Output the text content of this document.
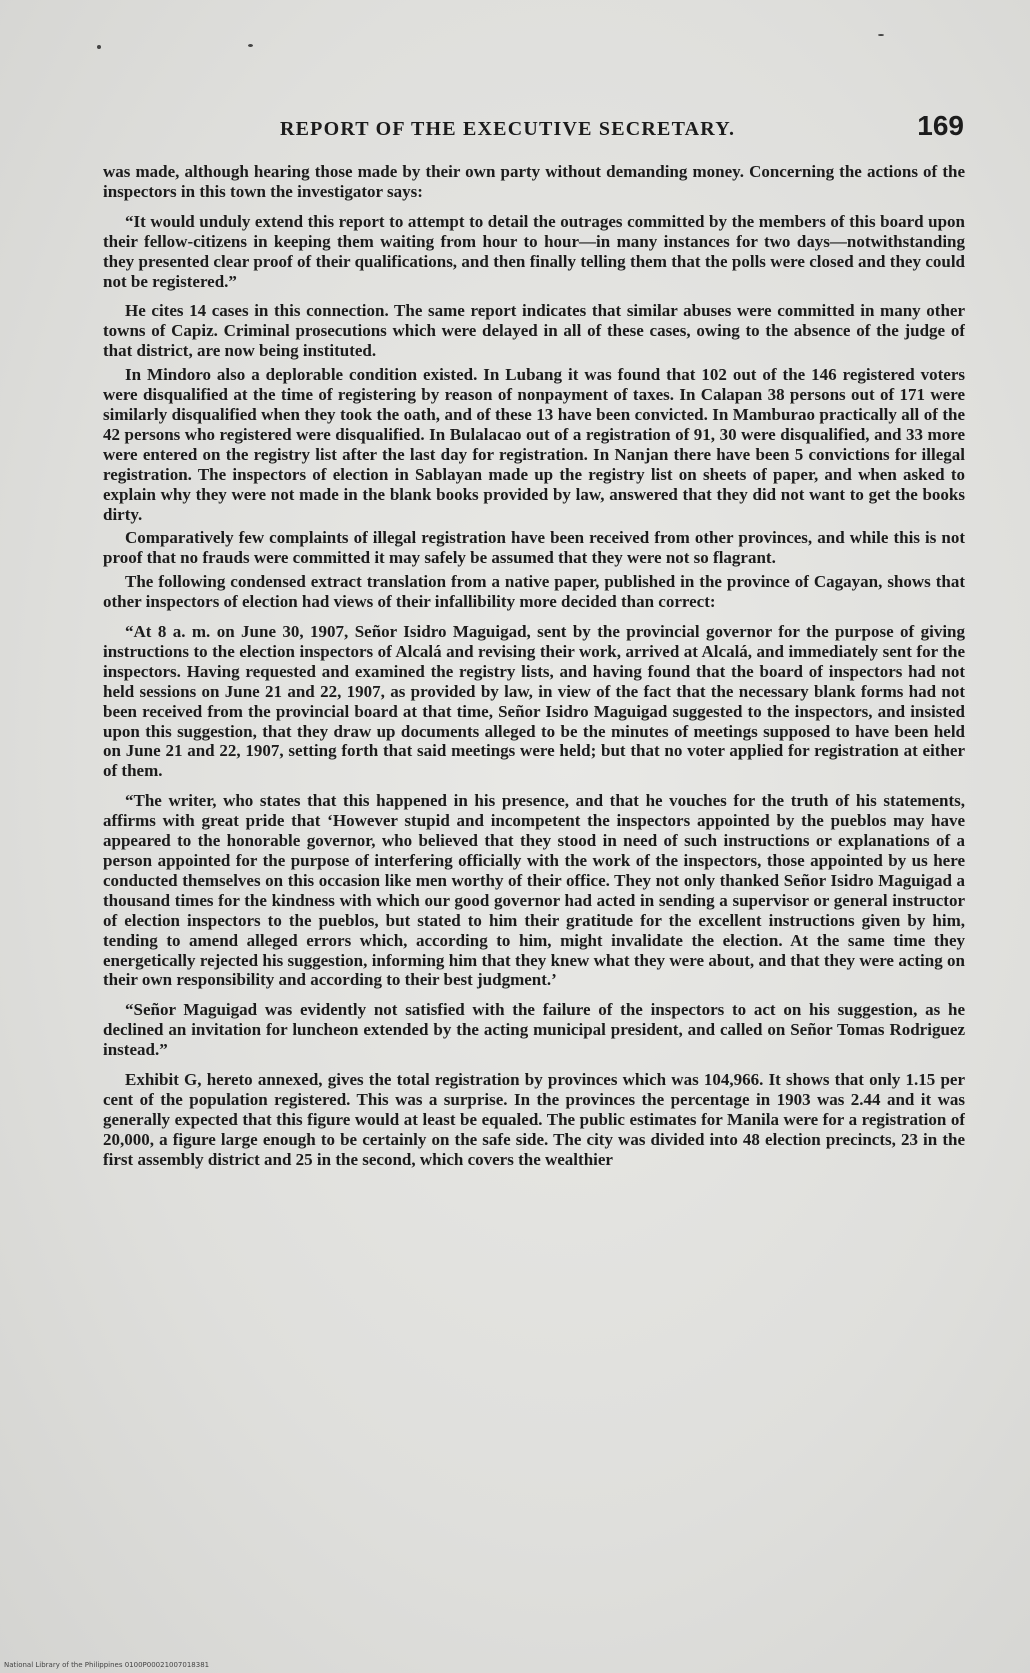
REPORT OF THE EXECUTIVE SECRETARY.	169

was made, although hearing those made by their own party without demanding money. Concerning the actions of the inspectors in this town the investigator says:

“It would unduly extend this report to attempt to detail the outrages committed by the members of this board upon their fellow-citizens in keeping them waiting from hour to hour—in many instances for two days—notwithstanding they presented clear proof of their qualifications, and then finally telling them that the polls were closed and they could not be registered.”

He cites 14 cases in this connection. The same report indicates that similar abuses were committed in many other towns of Capiz. Criminal prosecutions which were delayed in all of these cases, owing to the absence of the judge of that district, are now being instituted.

In Mindoro also a deplorable condition existed. In Lubang it was found that 102 out of the 146 registered voters were disqualified at the time of registering by reason of nonpayment of taxes. In Calapan 38 persons out of 171 were similarly disqualified when they took the oath, and of these 13 have been convicted. In Mamburao practically all of the 42 persons who registered were disqualified. In Bulalacao out of a registration of 91, 30 were disqualified, and 33 more were entered on the registry list after the last day for registration. In Nanjan there have been 5 convictions for illegal registration. The inspectors of election in Sablayan made up the registry list on sheets of paper, and when asked to explain why they were not made in the blank books provided by law, answered that they did not want to get the books dirty.

Comparatively few complaints of illegal registration have been received from other provinces, and while this is not proof that no frauds were committed it may safely be assumed that they were not so flagrant.

The following condensed extract translation from a native paper, published in the province of Cagayan, shows that other inspectors of election had views of their infallibility more decided than correct:

“At 8 a. m. on June 30, 1907, Señor Isidro Maguigad, sent by the provincial governor for the purpose of giving instructions to the election inspectors of Alcalá and revising their work, arrived at Alcalá, and immediately sent for the inspectors. Having requested and examined the registry lists, and having found that the board of inspectors had not held sessions on June 21 and 22, 1907, as provided by law, in view of the fact that the necessary blank forms had not been received from the provincial board at that time, Señor Isidro Maguigad suggested to the inspectors, and insisted upon this suggestion, that they draw up documents alleged to be the minutes of meetings supposed to have been held on June 21 and 22, 1907, setting forth that said meetings were held; but that no voter applied for registration at either of them.

“The writer, who states that this happened in his presence, and that he vouches for the truth of his statements, affirms with great pride that ‘However stupid and incompetent the inspectors appointed by the pueblos may have appeared to the honorable governor, who believed that they stood in need of such instructions or explanations of a person appointed for the purpose of interfering officially with the work of the inspectors, those appointed by us here conducted themselves on this occasion like men worthy of their office. They not only thanked Señor Isidro Maguigad a thousand times for the kindness with which our good governor had acted in sending a supervisor or general instructor of election inspectors to the pueblos, but stated to him their gratitude for the excellent instructions given by him, tending to amend alleged errors which, according to him, might invalidate the election. At the same time they energetically rejected his suggestion, informing him that they knew what they were about, and that they were acting on their own responsibility and according to their best judgment.’

“Señor Maguigad was evidently not satisfied with the failure of the inspectors to act on his suggestion, as he declined an invitation for luncheon extended by the acting municipal president, and called on Señor Tomas Rodriguez instead.”

Exhibit G, hereto annexed, gives the total registration by provinces which was 104,966. It shows that only 1.15 per cent of the population registered. This was a surprise. In the provinces the percentage in 1903 was 2.44 and it was generally expected that this figure would at least be equaled. The public estimates for Manila were for a registration of 20,000, a figure large enough to be certainly on the safe side. The city was divided into 48 election precincts, 23 in the first assembly district and 25 in the second, which covers the wealthier

National Library of the Philippines 0100P00021007018381
